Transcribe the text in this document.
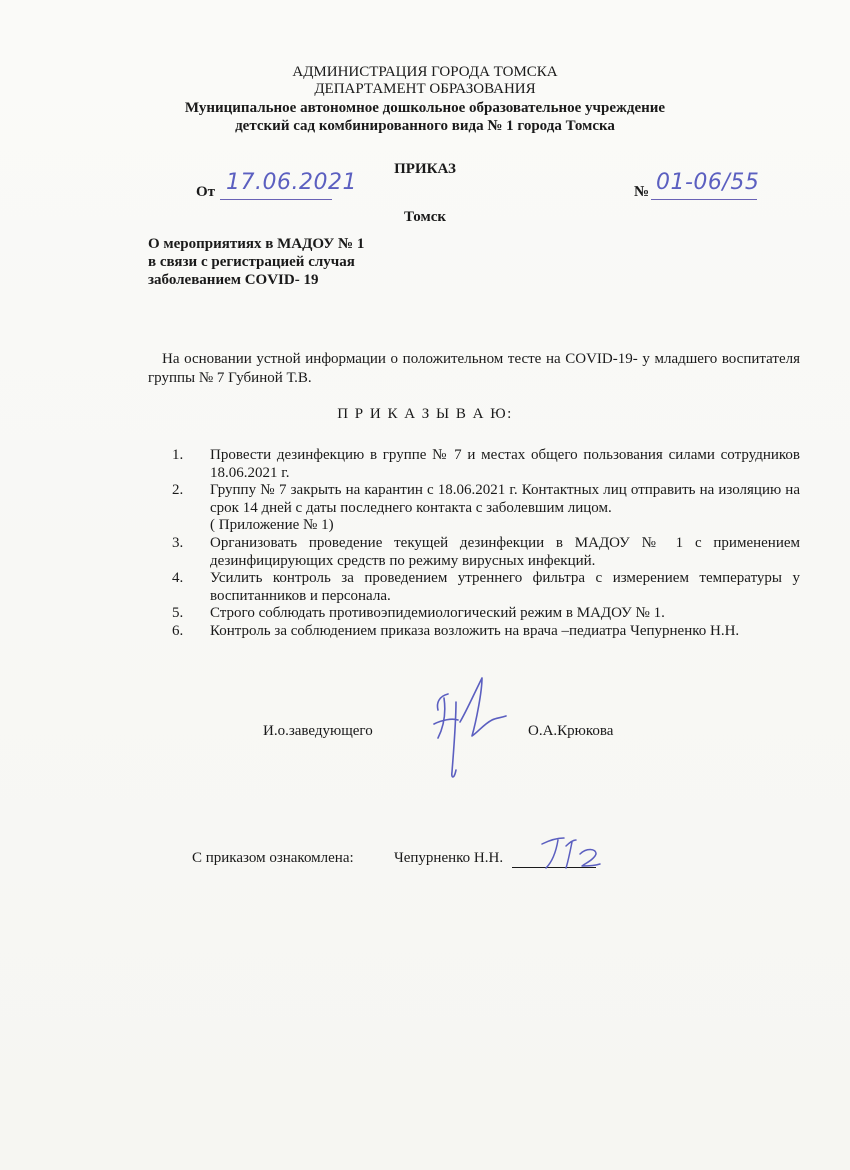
АДМИНИСТРАЦИЯ ГОРОДА ТОМСКА
ДЕПАРТАМЕНТ ОБРАЗОВАНИЯ
Муниципальное автономное дошкольное образовательное учреждение
детский сад комбинированного вида № 1 города Томска
ПРИКАЗ
От 17.06.2021	№ 01-06/55
Томск
О мероприятиях в МАДОУ № 1
в связи с регистрацией случая
заболеванием COVID- 19
На основании устной информации о положительном тесте на COVID-19- у младшего воспитателя группы № 7 Губиной Т.В.
П Р И К А З Ы В А Ю:
1. Провести дезинфекцию в группе № 7 и местах общего пользования силами сотрудников 18.06.2021 г.
2. Группу № 7 закрыть на карантин с 18.06.2021 г. Контактных лиц отправить на изоляцию на срок 14 дней с даты последнего контакта с заболевшим лицом.
( Приложение № 1)
3. Организовать проведение текущей дезинфекции в МАДОУ № 1 с применением дезинфицирующих средств по режиму вирусных инфекций.
4. Усилить контроль за проведением утреннего фильтра с измерением температуры у воспитанников и персонала.
5. Строго соблюдать противоэпидемиологический режим в МАДОУ № 1.
6. Контроль за соблюдением приказа возложить на врача –педиатра Чепурненко Н.Н.
И.о.заведующего	О.А.Крюкова
С приказом ознакомлена:	Чепурненко Н.Н.
